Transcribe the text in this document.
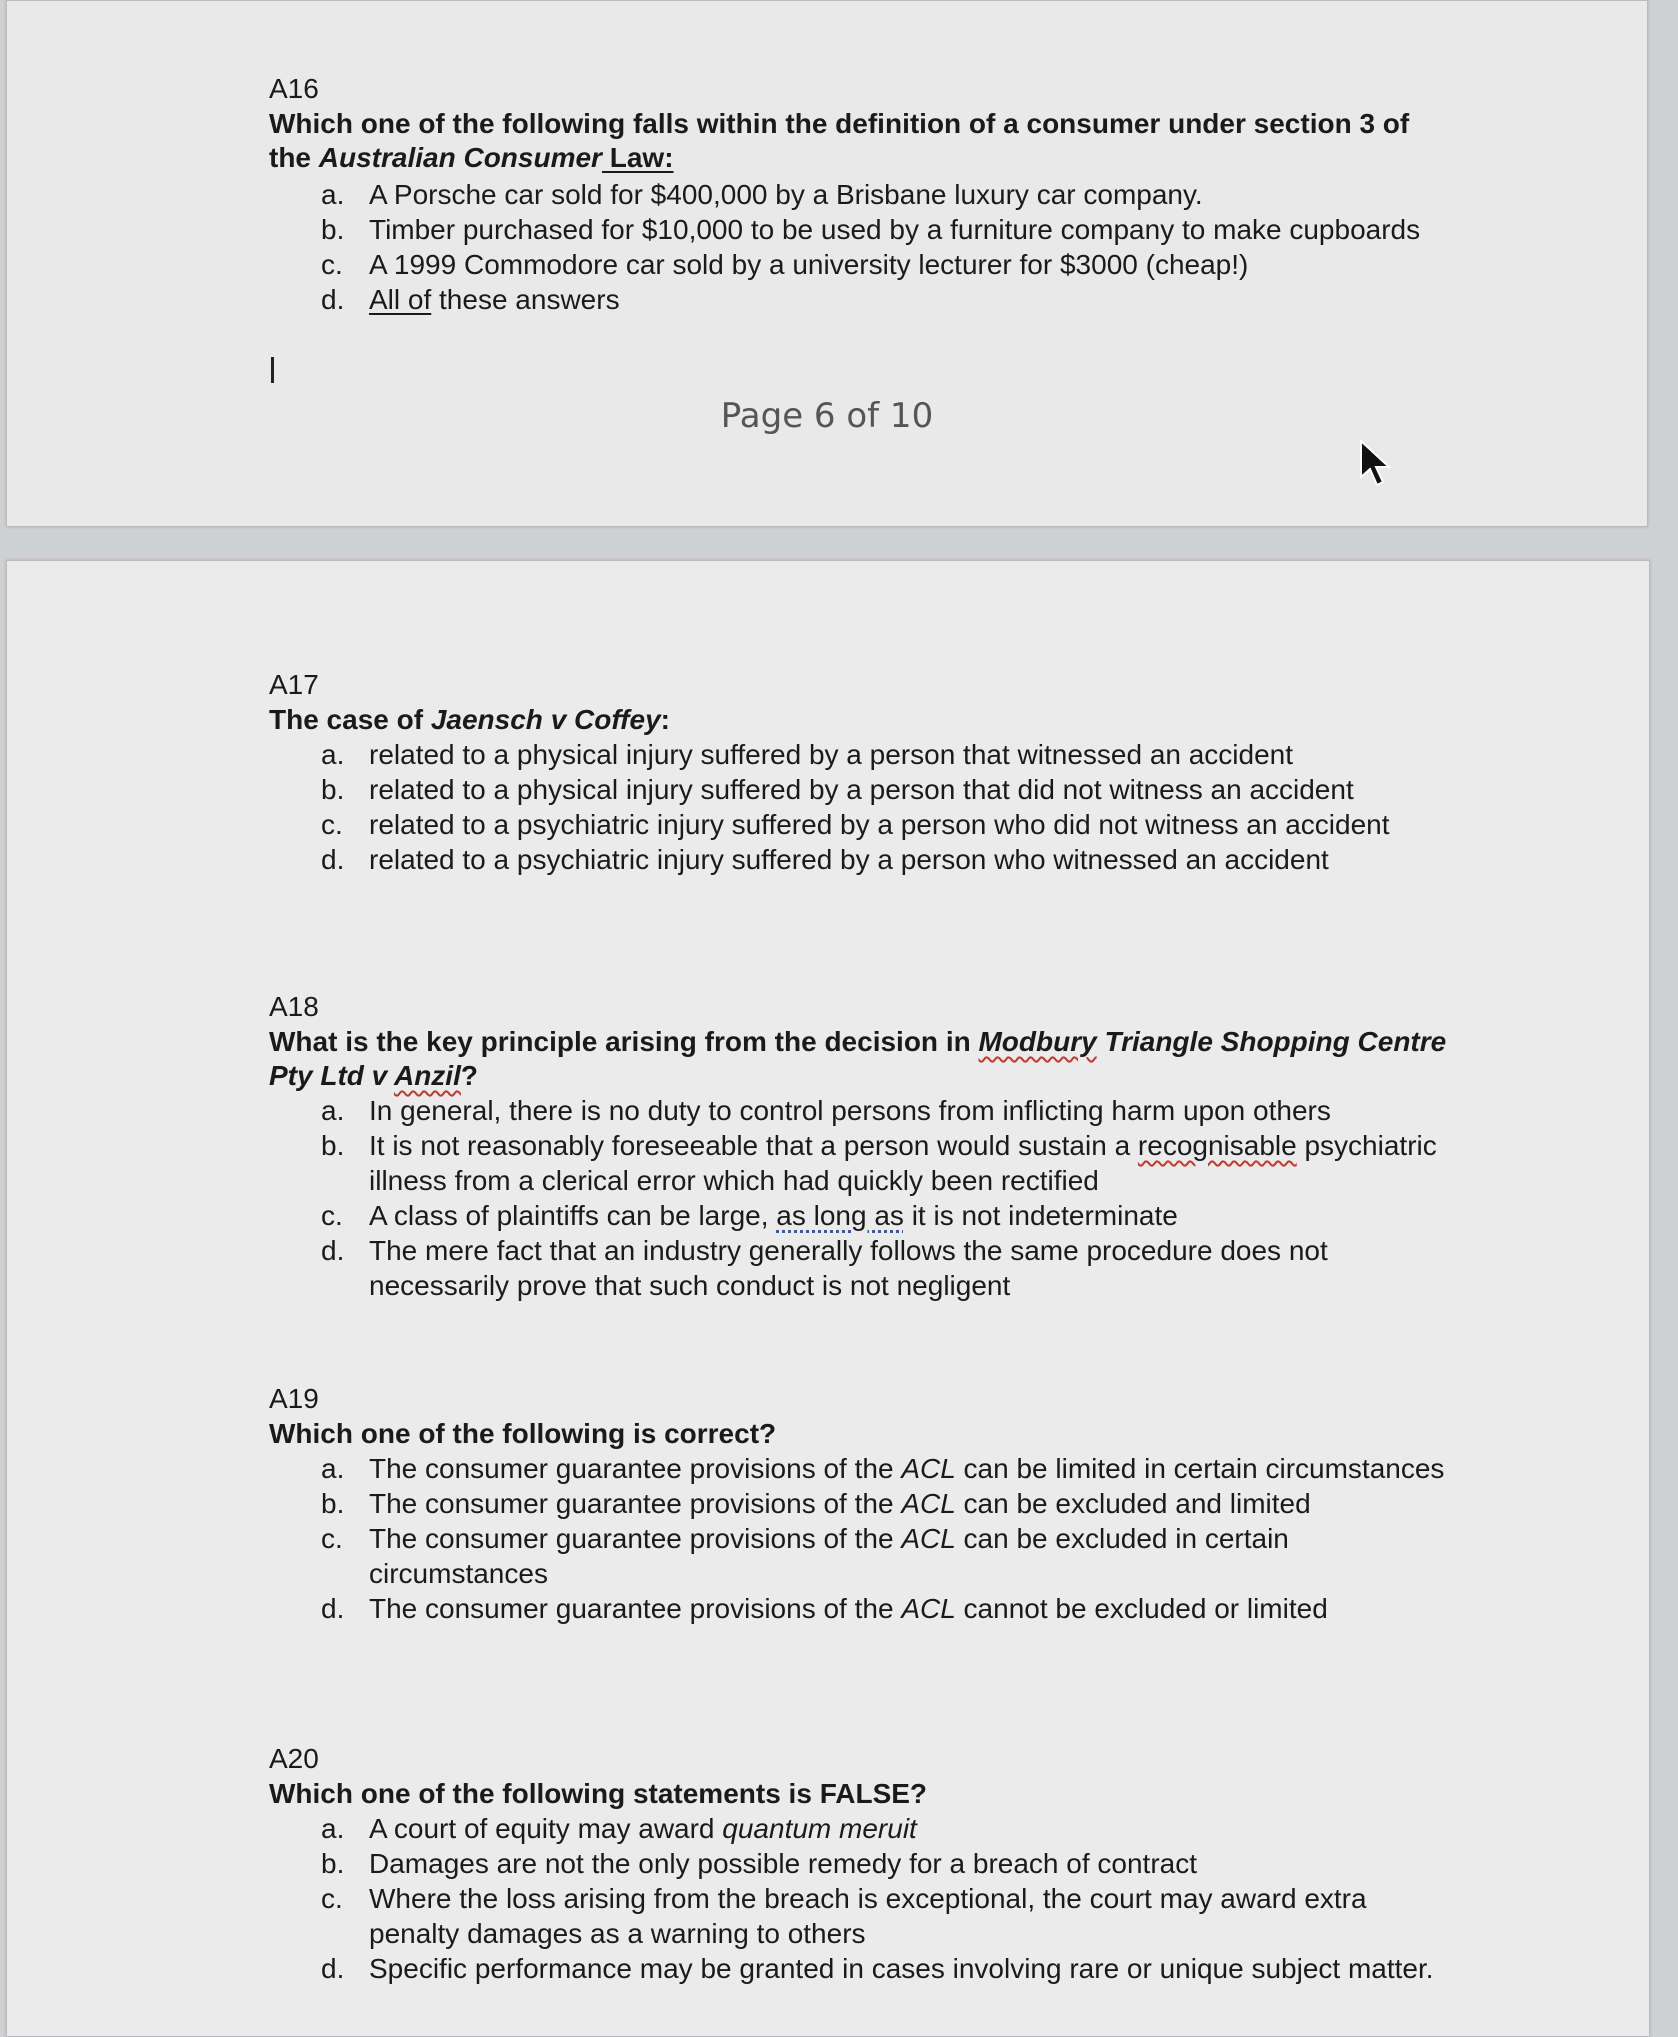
A16
Which one of the following falls within the definition of a consumer under section 3 of the Australian Consumer Law:
a. A Porsche car sold for $400,000 by a Brisbane luxury car company.
b. Timber purchased for $10,000 to be used by a furniture company to make cupboards
c. A 1999 Commodore car sold by a university lecturer for $3000 (cheap!)
d. All of these answers
Page 6 of 10
A17
The case of Jaensch v Coffey:
a. related to a physical injury suffered by a person that witnessed an accident
b. related to a physical injury suffered by a person that did not witness an accident
c. related to a psychiatric injury suffered by a person who did not witness an accident
d. related to a psychiatric injury suffered by a person who witnessed an accident
A18
What is the key principle arising from the decision in Modbury Triangle Shopping Centre Pty Ltd v Anzil?
a. In general, there is no duty to control persons from inflicting harm upon others
b. It is not reasonably foreseeable that a person would sustain a recognisable psychiatric illness from a clerical error which had quickly been rectified
c. A class of plaintiffs can be large, as long as it is not indeterminate
d. The mere fact that an industry generally follows the same procedure does not necessarily prove that such conduct is not negligent
A19
Which one of the following is correct?
a. The consumer guarantee provisions of the ACL can be limited in certain circumstances
b. The consumer guarantee provisions of the ACL can be excluded and limited
c. The consumer guarantee provisions of the ACL can be excluded in certain circumstances
d. The consumer guarantee provisions of the ACL cannot be excluded or limited
A20
Which one of the following statements is FALSE?
a. A court of equity may award quantum meruit
b. Damages are not the only possible remedy for a breach of contract
c. Where the loss arising from the breach is exceptional, the court may award extra penalty damages as a warning to others
d. Specific performance may be granted in cases involving rare or unique subject matter.
